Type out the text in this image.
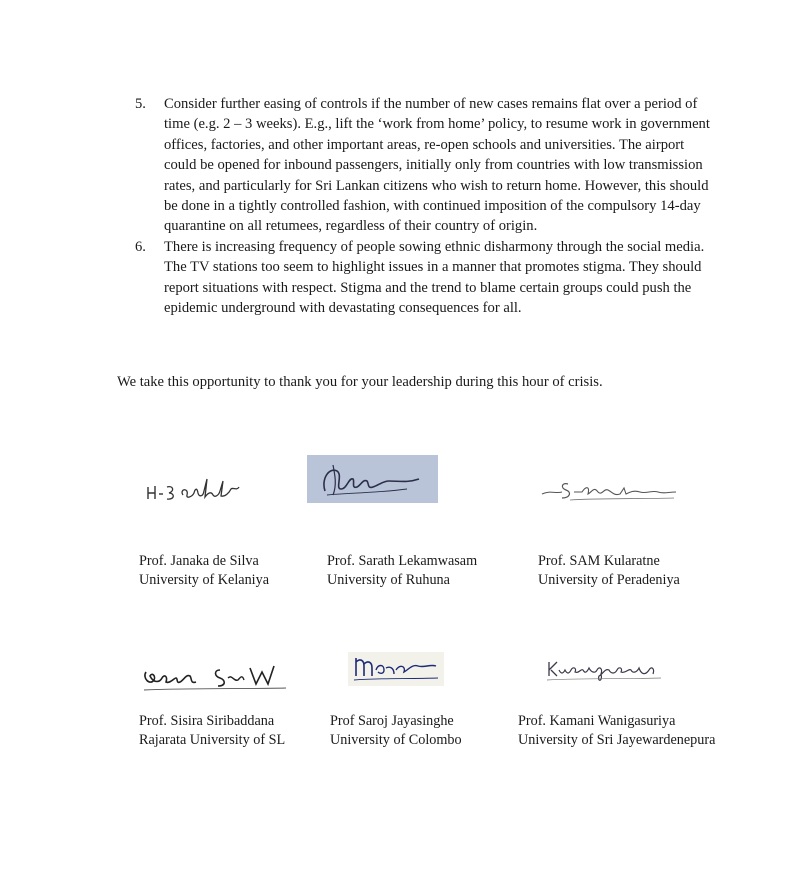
5. Consider further easing of controls if the number of new cases remains flat over a period of time (e.g. 2 – 3 weeks). E.g., lift the ‘work from home’ policy, to resume work in government offices, factories, and other important areas, re-open schools and universities. The airport could be opened for inbound passengers, initially only from countries with low transmission rates, and particularly for Sri Lankan citizens who wish to return home. However, this should be done in a tightly controlled fashion, with continued imposition of the compulsory 14-day quarantine on all retumees, regardless of their country of origin.
6. There is increasing frequency of people sowing ethnic disharmony through the social media. The TV stations too seem to highlight issues in a manner that promotes stigma. They should report situations with respect. Stigma and the trend to blame certain groups could push the epidemic underground with devastating consequences for all.
We take this opportunity to thank you for your leadership during this hour of crisis.
Prof. Janaka de Silva
University of Kelaniya
Prof. Sarath Lekamwasam
University of Ruhuna
Prof. SAM Kularatne
University of Peradeniya
Prof. Sisira Siribaddana
Rajarata University of SL
Prof Saroj Jayasinghe
University of Colombo
Prof. Kamani Wanigasuriya
University of Sri Jayewardenepura
